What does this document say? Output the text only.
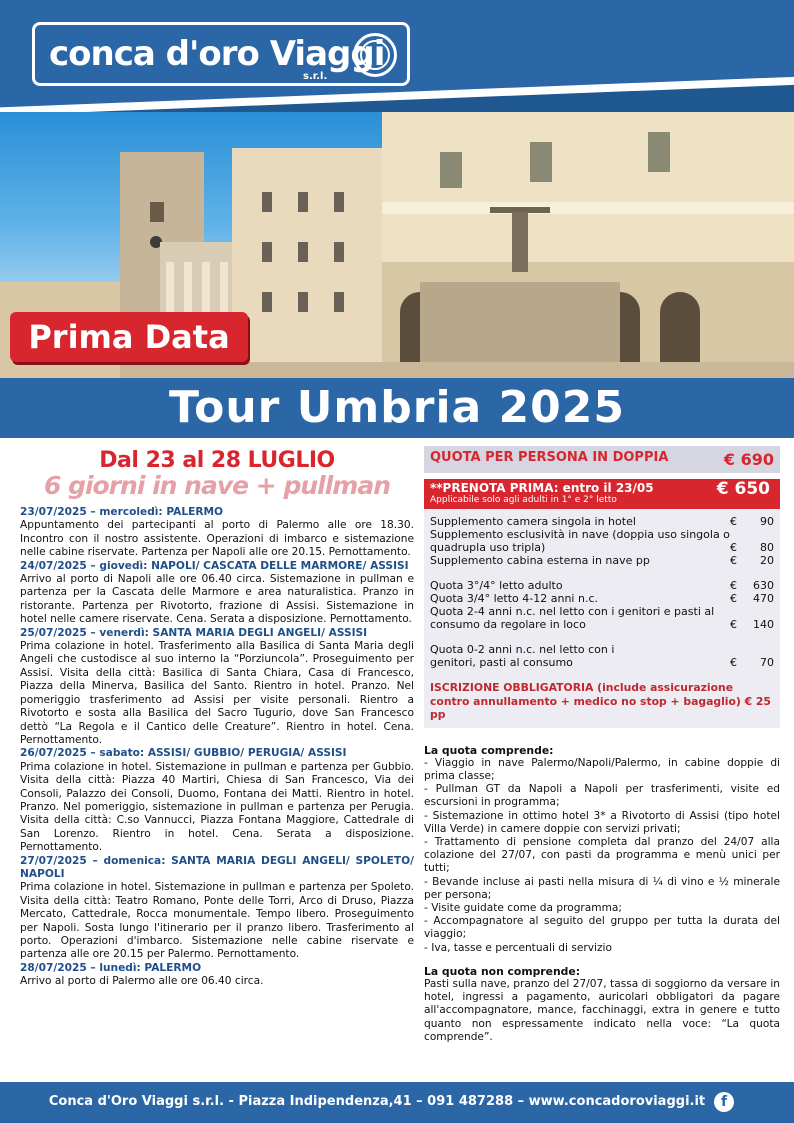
conca d'oro Viaggi
s.r.l.
Prima Data
Tour Umbria 2025
Dal 23 al 28 LUGLIO
6 giorni in nave + pullman

23/07/2025 – mercoledì: PALERMO

Appuntamento dei partecipanti al porto di Palermo alle ore 18.30. Incontro con il nostro assistente. Operazioni di imbarco e sistemazione nelle cabine riservate. Partenza per Napoli alle ore 20.15. Pernottamento.

24/07/2025 – giovedì: NAPOLI/ CASCATA DELLE MARMORE/ ASSISI

Arrivo al porto di Napoli alle ore 06.40 circa. Sistemazione in pullman e partenza per la Cascata delle Marmore e area naturalistica. Pranzo in ristorante. Partenza per Rivotorto, frazione di Assisi. Sistemazione in hotel nelle camere riservate. Cena. Serata a disposizione. Pernottamento.

25/07/2025 – venerdì: SANTA MARIA DEGLI ANGELI/ ASSISI

Prima colazione in hotel. Trasferimento alla Basilica di Santa Maria degli Angeli che custodisce al suo interno la “Porziuncola”. Proseguimento per Assisi. Visita della città: Basilica di Santa Chiara, Casa di Francesco, Piazza della Minerva, Basilica del Santo. Rientro in hotel. Pranzo. Nel pomeriggio trasferimento ad Assisi per visite personali. Rientro a Rivotorto e sosta alla Basilica del Sacro Tugurio, dove San Francesco dettò “La Regola e il Cantico delle Creature”. Rientro in hotel. Cena. Pernottamento.

26/07/2025 – sabato: ASSISI/ GUBBIO/ PERUGIA/ ASSISI

Prima colazione in hotel. Sistemazione in pullman e partenza per Gubbio. Visita della città: Piazza 40 Martiri, Chiesa di San Francesco, Via dei Consoli, Palazzo dei Consoli, Duomo, Fontana dei Matti. Rientro in hotel. Pranzo. Nel pomeriggio, sistemazione in pullman e partenza per Perugia. Visita della città: C.so Vannucci, Piazza Fontana Maggiore, Cattedrale di San Lorenzo. Rientro in hotel. Cena. Serata a disposizione. Pernottamento.

27/07/2025 – domenica: SANTA MARIA DEGLI ANGELI/ SPOLETO/ NAPOLI

Prima colazione in hotel. Sistemazione in pullman e partenza per Spoleto. Visita della città: Teatro Romano, Ponte delle Torri, Arco di Druso, Piazza Mercato, Cattedrale, Rocca monumentale. Tempo libero. Proseguimento per Napoli. Sosta lungo l'itinerario per il pranzo libero. Trasferimento al porto. Operazioni d'imbarco. Sistemazione nelle cabine riservate e partenza alle ore 20.15 per Palermo. Pernottamento.

28/07/2025 – lunedì: PALERMO

Arrivo al porto di Palermo alle ore 06.40 circa.

QUOTA PER PERSONA IN DOPPIA	€ 690
**PRENOTA PRIMA: entro il 23/05	€ 650
Applicabile solo agli adulti in 1° e 2° letto
Supplemento camera singola in hotel	€	90
Supplemento esclusività in nave (doppia uso singola o quadrupla uso tripla)	€	80
Supplemento cabina esterna in nave pp	€	20
Quota 3°/4° letto adulto	€	630
Quota 3/4° letto 4-12 anni n.c.	€	470
Quota 2-4 anni n.c. nel letto con i genitori e pasti al consumo da regolare in loco	€	140
Quota 0-2 anni n.c. nel letto con i genitori, pasti al consumo	€	70
ISCRIZIONE OBBLIGATORIA (include assicurazione contro annullamento + medico no stop + bagaglio) € 25 pp
La quota comprende:

- Viaggio in nave Palermo/Napoli/Palermo, in cabine doppie di prima classe;

- Pullman GT da Napoli a Napoli per trasferimenti, visite ed escursioni in programma;

- Sistemazione in ottimo hotel 3* a Rivotorto di Assisi (tipo hotel Villa Verde) in camere doppie con servizi privati;

- Trattamento di pensione completa dal pranzo del 24/07 alla colazione del 27/07, con pasti da programma e menù unici per tutti;

- Bevande incluse ai pasti nella misura di ¼ di vino e ½ minerale per persona;

- Visite guidate come da programma;

- Accompagnatore al seguito del gruppo per tutta la durata del viaggio;

- Iva, tasse e percentuali di servizio

La quota non comprende:

Pasti sulla nave, pranzo del 27/07, tassa di soggiorno da versare in hotel, ingressi a pagamento, auricolari obbligatori da pagare all'accompagnatore, mance, facchinaggi, extra in genere e tutto quanto non espressamente indicato nella voce: “La quota comprende”.

Conca d'Oro Viaggi s.r.l. - Piazza Indipendenza,41 – 091 487288 – www.concadoroviaggi.it	f
